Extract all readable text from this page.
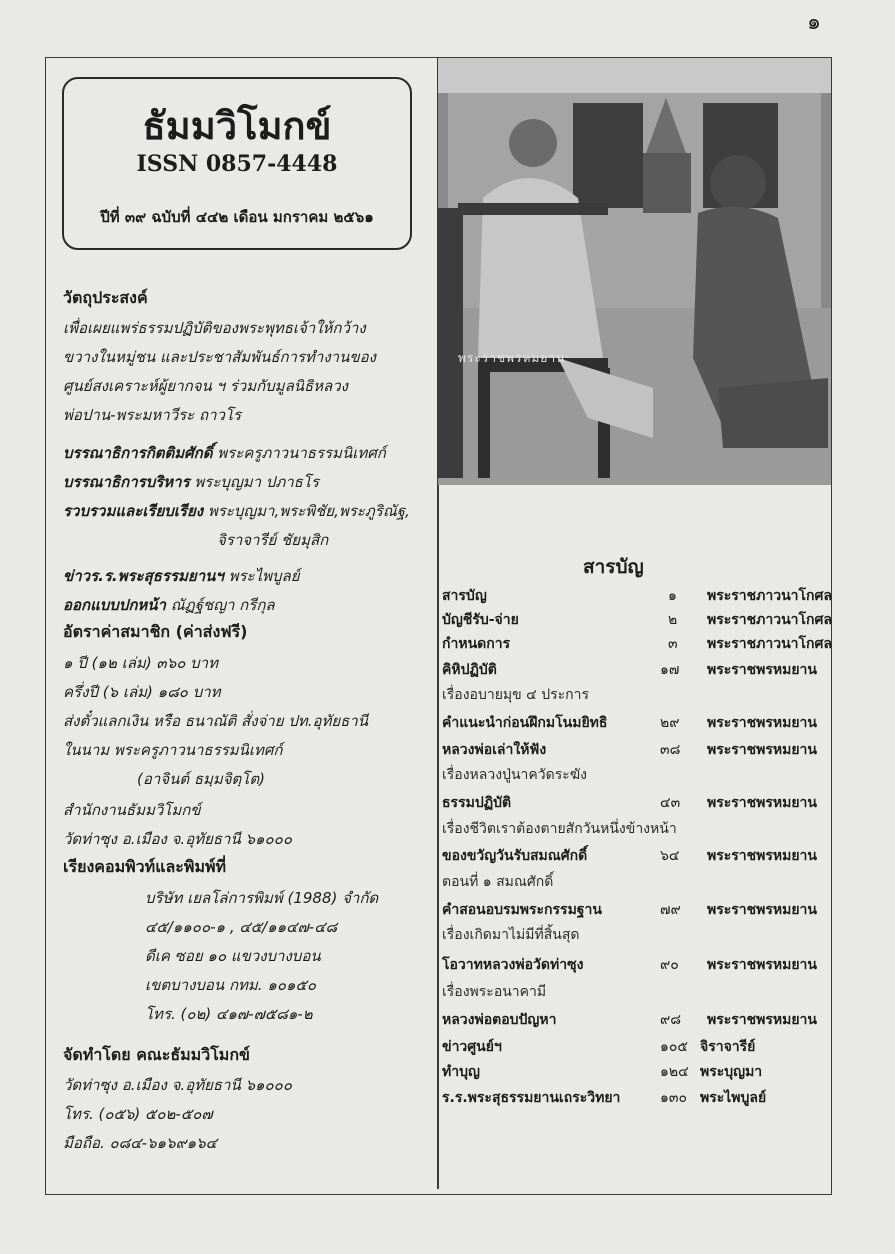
๑
ธัมมวิโมกข์
ISSN 0857-4448
ปีที่ ๓๙ ฉบับที่ ๔๔๒ เดือน มกราคม ๒๕๖๑
วัตถุประสงค์
เพื่อเผยแพร่ธรรมปฏิบัติของพระพุทธเจ้าให้กว้าง
ขวางในหมู่ชน และประชาสัมพันธ์การทำงานของ
ศูนย์สงเคราะห์ผู้ยากจน ฯ ร่วมกับมูลนิธิหลวง
พ่อปาน-พระมหาวีระ ถาวโร
บรรณาธิการกิตติมศักดิ์ พระครูภาวนาธรรมนิเทศก์
บรรณาธิการบริหาร พระบุญมา ปภาธโร
รวบรวมและเรียบเรียง พระบุญมา,พระพิชัย,พระภูริณัฐ,
จิราจารีย์ ชัยมุสิก
ข่าวร.ร.พระสุธรรมยานฯ พระไพบูลย์
ออกแบบปกหน้า ณัฏฐ์ชญา กรีกุล
อัตราค่าสมาชิก (ค่าส่งฟรี)
๑ ปี (๑๒ เล่ม) ๓๖๐ บาท
ครึ่งปี (๖ เล่ม) ๑๘๐ บาท
ส่งตั๋วแลกเงิน หรือ ธนาณัติ สั่งจ่าย ปท.อุทัยธานี
ในนาม พระครูภาวนาธรรมนิเทศก์
(อาจินต์ ธมฺมจิตฺโต)
สำนักงานธัมมวิโมกข์
วัดท่าซุง อ.เมือง จ.อุทัยธานี ๖๑๐๐๐
เรียงคอมพิวท์และพิมพ์ที่
บริษัท เยลโล่การพิมพ์ (1988) จำกัด
๔๕/๑๑๐๐-๑ , ๔๕/๑๑๔๗-๔๘
ดีเค ซอย ๑๐ แขวงบางบอน
เขตบางบอน กทม. ๑๐๑๕๐
โทร. (๐๒) ๔๑๗-๗๕๘๑-๒
จัดทำโดย คณะธัมมวิโมกข์
วัดท่าซุง อ.เมือง จ.อุทัยธานี ๖๑๐๐๐
โทร. (๐๕๖) ๕๐๒-๕๐๗
มือถือ. ๐๘๔-๖๑๖๙๑๖๔
พระราชพรหมยาน
สารบัญ
สารบัญ	๑ พระราชภาวนาโกศล
บัญชีรับ-จ่าย	๒ พระราชภาวนาโกศล
กำหนดการ	๓ พระราชภาวนาโกศล
คิหิปฏิบัติ	๑๗ พระราชพรหมยาน
เรื่องอบายมุข ๔ ประการ
คำแนะนำก่อนฝึกมโนมยิทธิ	๒๙ พระราชพรหมยาน
หลวงพ่อเล่าให้ฟัง	๓๘ พระราชพรหมยาน
เรื่องหลวงปู่นาควัดระฆัง
ธรรมปฏิบัติ	๔๓ พระราชพรหมยาน
เรื่องชีวิตเราต้องตายสักวันหนึ่งข้างหน้า
ของขวัญวันรับสมณศักดิ์	๖๔ พระราชพรหมยาน
ตอนที่ ๑ สมณศักดิ์
คำสอนอบรมพระกรรมฐาน	๗๙ พระราชพรหมยาน
เรื่องเกิดมาไม่มีที่สิ้นสุด
โอวาทหลวงพ่อวัดท่าซุง	๙๐ พระราชพรหมยาน
เรื่องพระอนาคามี
หลวงพ่อตอบปัญหา	๙๘ พระราชพรหมยาน
ข่าวศูนย์ฯ	๑๐๕ จิราจารีย์
ทำบุญ	๑๒๔ พระบุญมา
ร.ร.พระสุธรรมยานเถระวิทยา	๑๓๐ พระไพบูลย์
